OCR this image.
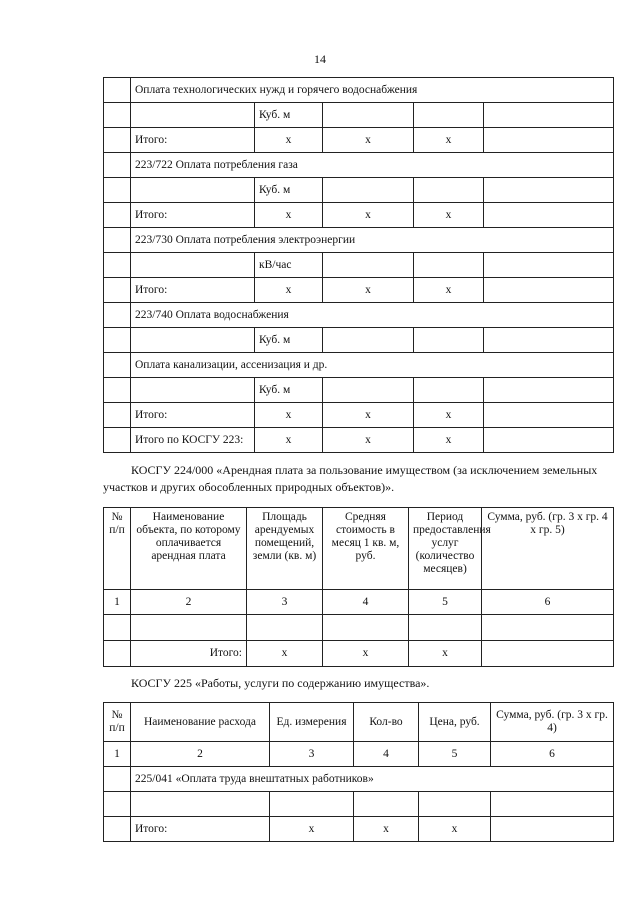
14
	Оплата технологических нужд и горячего водоснабжения				
		Куб. м			
	Итого:	х	х	х	
	223/722 Оплата потребления газа				
		Куб. м			
	Итого:	х	х	х	
	223/730 Оплата потребления электроэнергии				
		кВ/час			
	Итого:	х	х	х	
	223/740 Оплата водоснабжения				
		Куб. м			
	Оплата канализации, ассенизация и др.				
		Куб. м			
	Итого:	х	х	х	
	Итого по КОСГУ 223:	х	х	х	
КОСГУ 224/000 «Арендная плата за пользование имуществом (за исключением земельных участков и других обособленных природных объектов)».
№ п/п	Наименование объекта, по которому оплачивается арендная плата	Площадь арендуемых помещений, земли (кв. м)	Средняя стоимость в месяц 1 кв. м, руб.	Период предоставления услуг (количество месяцев)	Сумма, руб. (гр. 3 х гр. 4 х гр. 5)
1	2	3	4	5	6

	Итого:	х	х	х	
КОСГУ 225 «Работы, услуги по содержанию имущества».
№ п/п	Наименование расхода	Ед. измерения	Кол-во	Цена, руб.	Сумма, руб. (гр. 3 х гр. 4)
1	2	3	4	5	6
	225/041 «Оплата труда внештатных работников»				

	Итого:	х	х	х	
